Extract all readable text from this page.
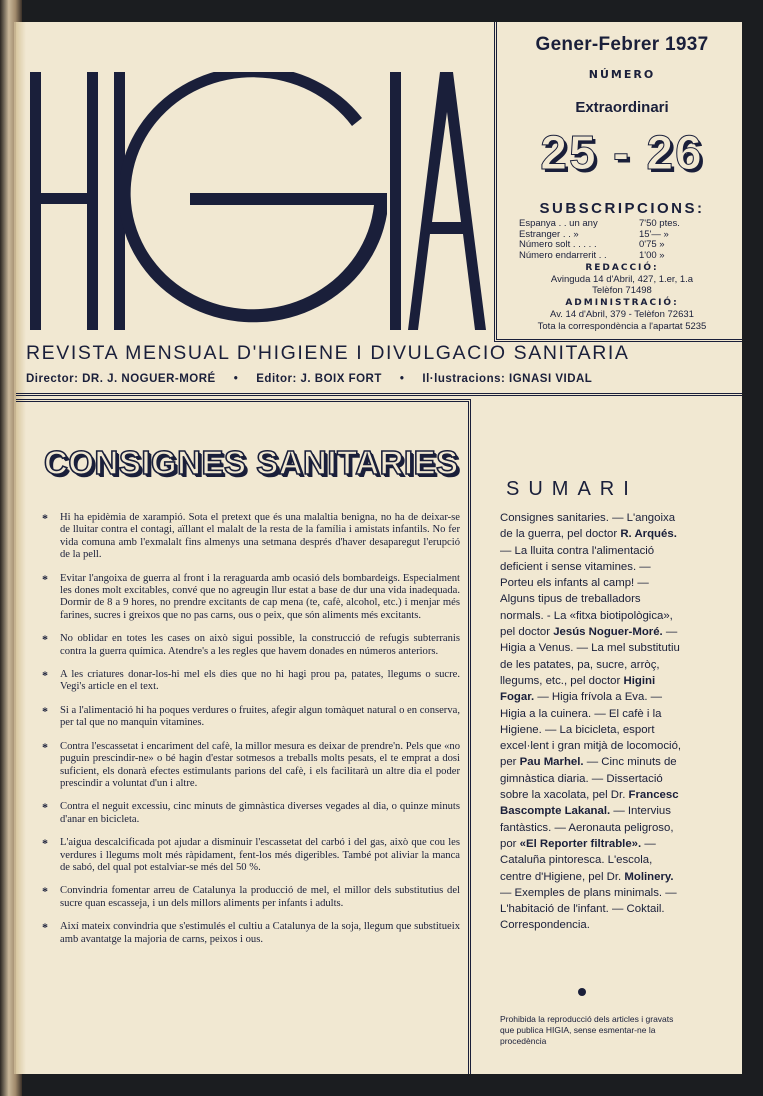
Gener-Febrer 1937
NÚMERO
Extraordinari
25 - 26
SUBSCRIPCIONS:
Espanya . . un any	7'50 ptes.
Estranger . . »	15'— »
Número solt . . . . .	0'75 »
Número endarrerit . .	1'00 »
REDACCIÓ:
Avinguda 14 d'Abril, 427, 1.er, 1.a
Telèfon 71498
ADMINISTRACIÓ:
Av. 14 d'Abril, 379 - Telèfon 72631
Tota la correspondència a l'apartat 5235
REVISTA MENSUAL D'HIGIENE I DIVULGACIO SANITARIA
Director: DR. J. NOGUER-MORÉ • Editor: J. BOIX FORT • Il·lustracions: IGNASI VIDAL
CONSIGNES SANITARIES
*	Hi ha epidèmia de xarampió. Sota el pretext que és una malaltia benigna, no ha de deixar-se de lluitar contra el contagi, aïllant el malalt de la resta de la família i amistats infantils. No fer vida comuna amb l'exmalalt fins almenys una setmana després d'haver desaparegut l'erupció de la pell.
*	Evitar l'angoixa de guerra al front i la reraguarda amb ocasió dels bombardeigs. Especialment les dones molt excitables, convé que no agreugin llur estat a base de dur una vida inadequada. Dormir de 8 a 9 hores, no prendre excitants de cap mena (te, cafè, alcohol, etc.) i menjar més farines, sucres i greixos que no pas carns, ous o peix, que són aliments més excitants.
*	No oblidar en totes les cases on això sigui possible, la construcció de refugis subterranis contra la guerra química. Atendre's a les regles que havem donades en números anteriors.
*	A les criatures donar-los-hi mel els dies que no hi hagi prou pa, patates, llegums o sucre. Vegi's article en el text.
*	Si a l'alimentació hi ha poques verdures o fruites, afegir algun tomàquet natural o en conserva, per tal que no manquin vitamines.
*	Contra l'escassetat i encariment del cafè, la millor mesura es deixar de prendre'n. Pels que «no puguin prescindir-ne» o bé hagin d'estar sotmesos a treballs molts pesats, el te emprat a dosi suficient, els donarà efectes estimulants parions del cafè, i els facilitarà un altre dia el poder prescindir a voluntat d'un i altre.
*	Contra el neguit excessiu, cinc minuts de gimnàstica diverses vegades al dia, o quinze minuts d'anar en bicicleta.
*	L'aigua descalcificada pot ajudar a disminuir l'escassetat del carbó i del gas, això que cou les verdures i llegums molt més ràpidament, fent-los més digeribles. També pot aliviar la manca de sabó, del qual pot estalviar-se més del 50 %.
*	Convindria fomentar arreu de Catalunya la producció de mel, el millor dels substitutius del sucre quan escasseja, i un dels millors aliments per infants i adults.
*	Així mateix convindria que s'estimulés el cultiu a Catalunya de la soja, llegum que substitueix amb avantatge la majoria de carns, peixos i ous.
SUMARI
Consignes sanitaries. — L'angoixa de la guerra, pel doctor R. Arqués. — La lluita contra l'alimentació deficient i sense vitamines. — Porteu els infants al camp! — Alguns tipus de treballadors normals. - La «fitxa biotipològica», pel doctor Jesús Noguer-Moré. — Higia a Venus. — La mel substitutiu de les patates, pa, sucre, arròç, llegums, etc., pel doctor Higini Fogar. — Higia frívola a Eva. — Higia a la cuinera. — El cafè i la Higiene. — La bicicleta, esport excel·lent i gran mitjà de locomoció, per Pau Marhel. — Cinc minuts de gimnàstica diaria. — Dissertació sobre la xacolata, pel Dr. Francesc Bascompte Lakanal. — Intervius fantàstics. — Aeronauta peligroso, por «El Reporter filtrable». — Cataluña pintoresca. L'escola, centre d'Higiene, pel Dr. Molinery. — Exemples de plans minimals. — L'habitació de l'infant. — Coktail. Correspondencia.
Prohibida la reproducció dels articles i gravats que publica HIGIA, sense esmentar-ne la procedència
